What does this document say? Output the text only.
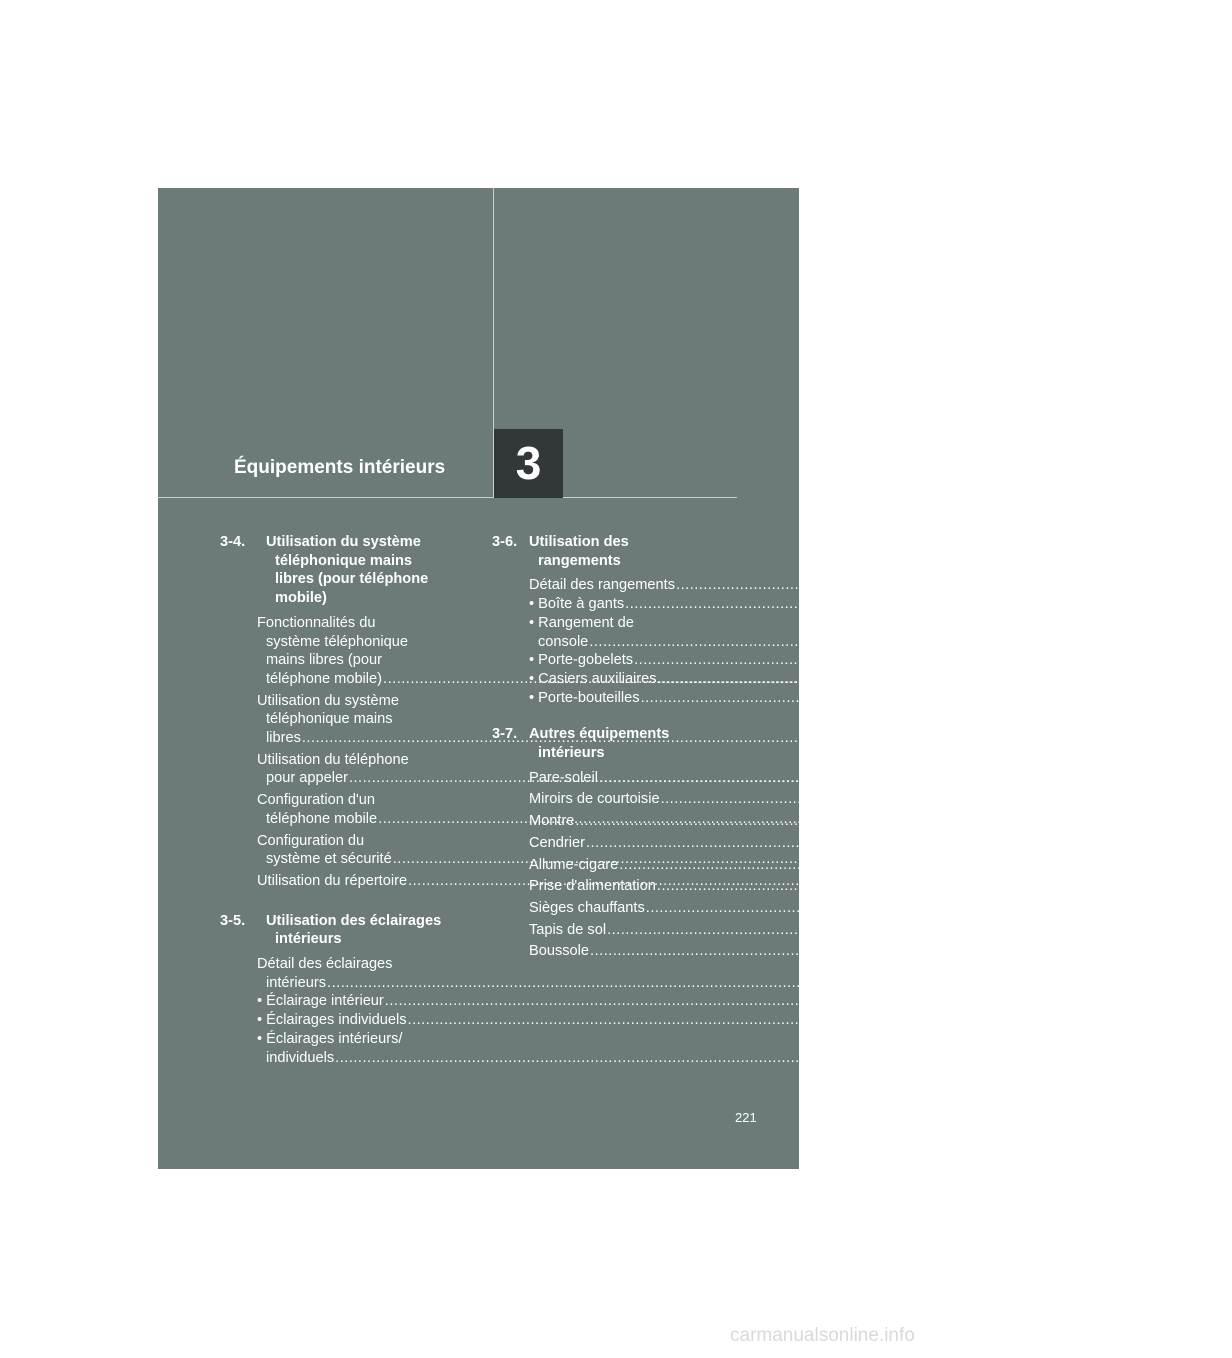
3
Équipements intérieurs
3-4. Utilisation du système
téléphonique mains
libres (pour téléphone
mobile)
Fonctionnalités du
système téléphonique
mains libres (pour
téléphone mobile) .....	312
Utilisation du système
téléphonique mains
libres .....	318
Utilisation du téléphone
pour appeler .....	328
Configuration d'un
téléphone mobile .....	333
Configuration du
système et sécurité .....	339
Utilisation du répertoire .....	343
3-5. Utilisation des éclairages
intérieurs
Détail des éclairages
intérieurs .....	351
• Éclairage intérieur .....	353
• Éclairages individuels .....	353
• Éclairages intérieurs/
individuels .....	354
3-6. Utilisation des
rangements
Détail des rangements .....	355
• Boîte à gants .....	357
• Rangement de
console .....	357
• Porte-gobelets .....	359
• Casiers auxiliaires .....	361
• Porte-bouteilles .....	363
3-7. Autres équipements
intérieurs
Pare-soleil .....	364
Miroirs de courtoisie .....	365
Montre .....	366
Cendrier .....	367
Allume-cigare .....	368
Prise d'alimentation .....	369
Sièges chauffants .....	370
Tapis de sol .....	372
Boussole .....	374
221
carmanualsonline.info
